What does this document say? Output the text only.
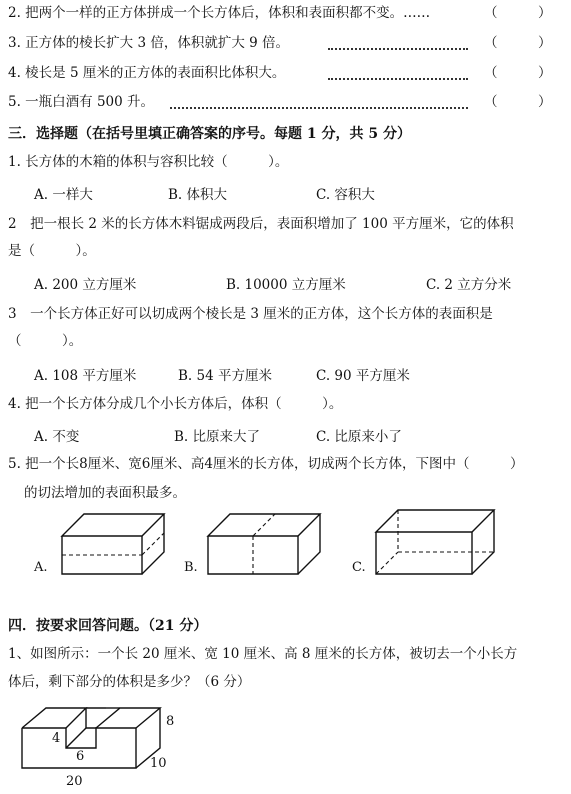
2. 把两个一样的正方体拼成一个长方体后，体积和表面积都不变。……	（　　　）
3. 正方体的棱长扩大 3 倍，体积就扩大 9 倍。	（　　　）
4. 棱长是 5 厘米的正方体的表面积比体积大。	（　　　）
5. 一瓶白酒有 500 升。	（　　　）
三．选择题（在括号里填正确答案的序号。每题 1 分，共 5 分）
1. 长方体的木箱的体积与容积比较（　　　）。
A. 一样大	B. 体积大	C. 容积大
2　把一根长 2 米的长方体木料锯成两段后，表面积增加了 100 平方厘米，它的体积
是（　　　）。
A. 200 立方厘米	B. 10000 立方厘米	C. 2 立方分米
3　一个长方体正好可以切成两个棱长是 3 厘米的正方体，这个长方体的表面积是
（　　　）。
A. 108 平方厘米	B. 54 平方厘米	C. 90 平方厘米
4. 把一个长方体分成几个小长方体后，体积（　　　）。
A. 不变	B. 比原来大了	C. 比原来小了
5. 把一个长8厘米、宽6厘米、高4厘米的长方体，切成两个长方体，下图中（　　　）
的切法增加的表面积最多。
A.	B.	C.
四．按要求回答问题。（21 分）
1、如图所示：一个长 20 厘米、宽 10 厘米、高 8 厘米的长方体，被切去一个小长方
体后，剩下部分的体积是多少？（6 分）
4
6
8
10
20
